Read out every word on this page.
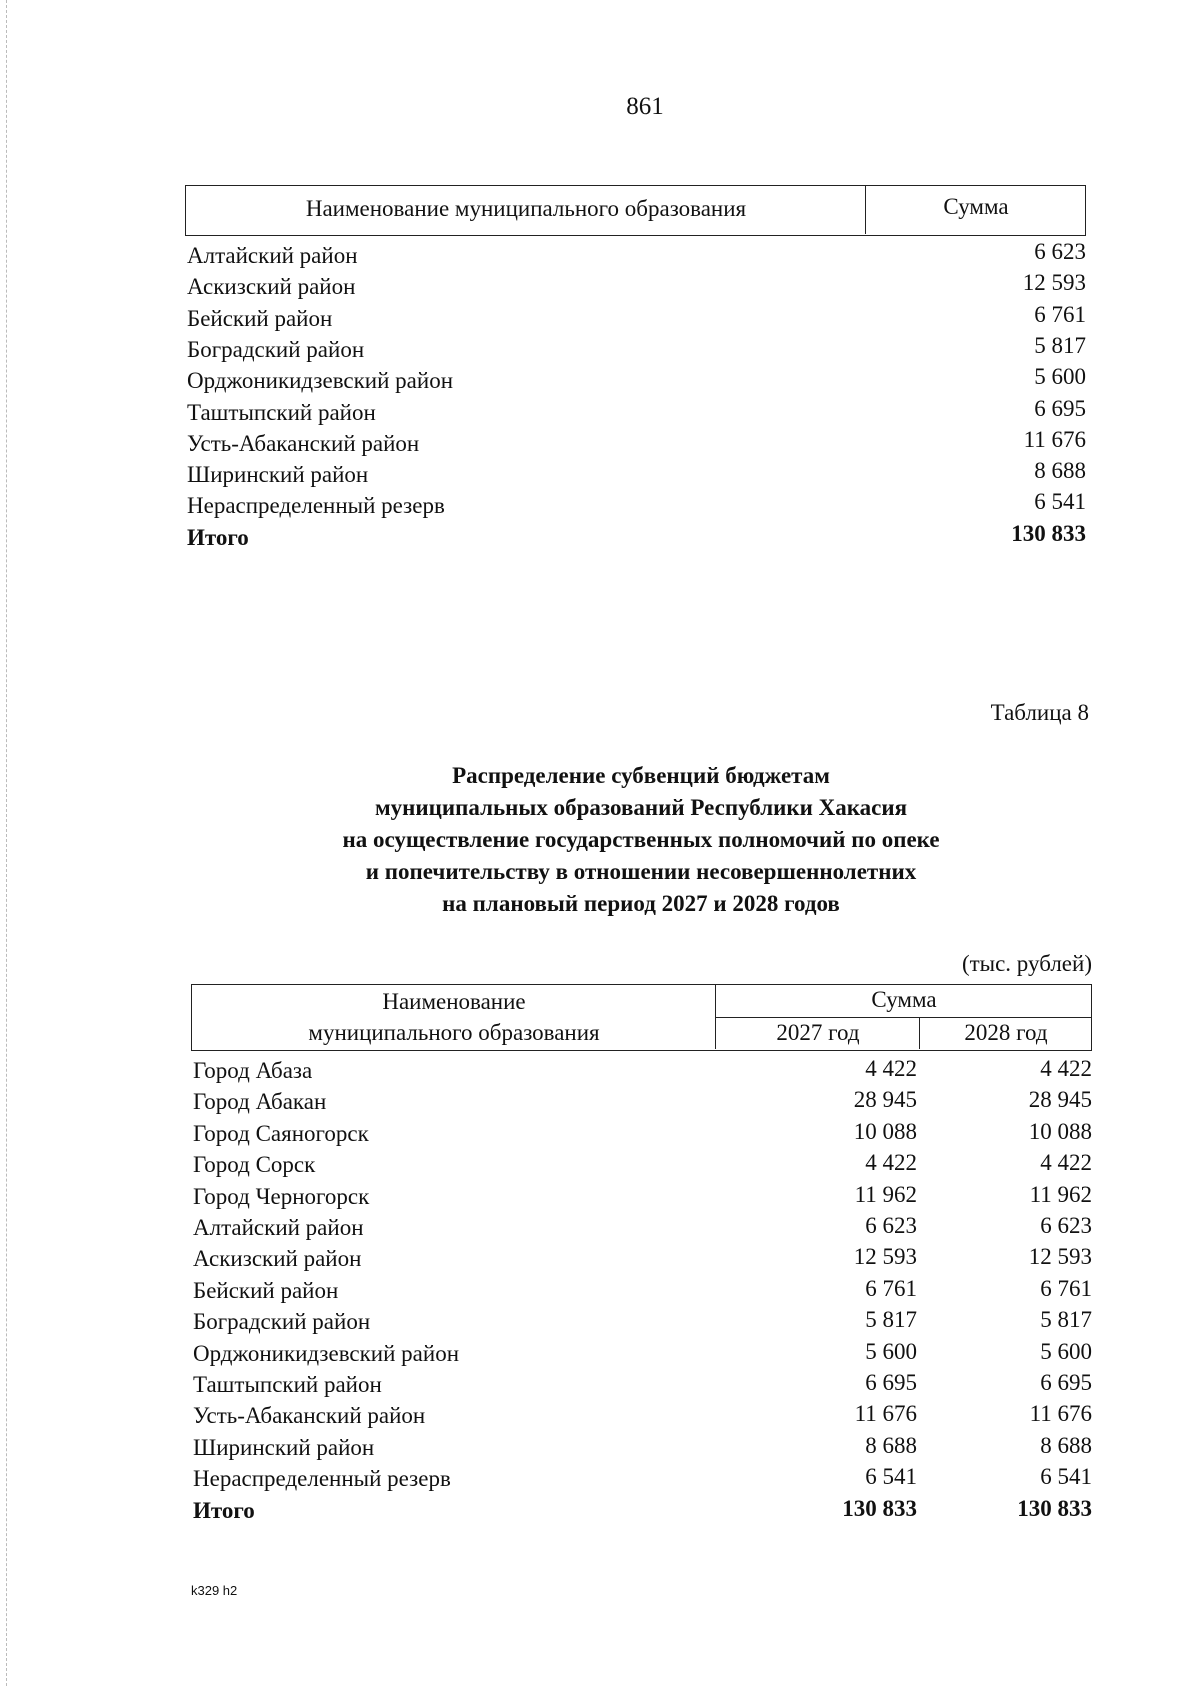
861
Наименование муниципального образования	Сумма
Алтайский район	6 623
Аскизский район	12 593
Бейский район	6 761
Боградский район	5 817
Орджоникидзевский район	5 600
Таштыпский район	6 695
Усть-Абаканский район	11 676
Ширинский район	8 688
Нераспределенный резерв	6 541
Итого	130 833
Таблица 8
Распределение субвенций бюджетам
муниципальных образований Республики Хакасия
на осуществление государственных полномочий по опеке
и попечительству в отношении несовершеннолетних
на плановый период 2027 и 2028 годов
(тыс. рублей)
Наименование
муниципального образования
Сумма
2027 год	2028 год
Город Абаза	4 422	4 422
Город Абакан	28 945	28 945
Город Саяногорск	10 088	10 088
Город Сорск	4 422	4 422
Город Черногорск	11 962	11 962
Алтайский район	6 623	6 623
Аскизский район	12 593	12 593
Бейский район	6 761	6 761
Боградский район	5 817	5 817
Орджоникидзевский район	5 600	5 600
Таштыпский район	6 695	6 695
Усть-Абаканский район	11 676	11 676
Ширинский район	8 688	8 688
Нераспределенный резерв	6 541	6 541
Итого	130 833	130 833
k329 h2
